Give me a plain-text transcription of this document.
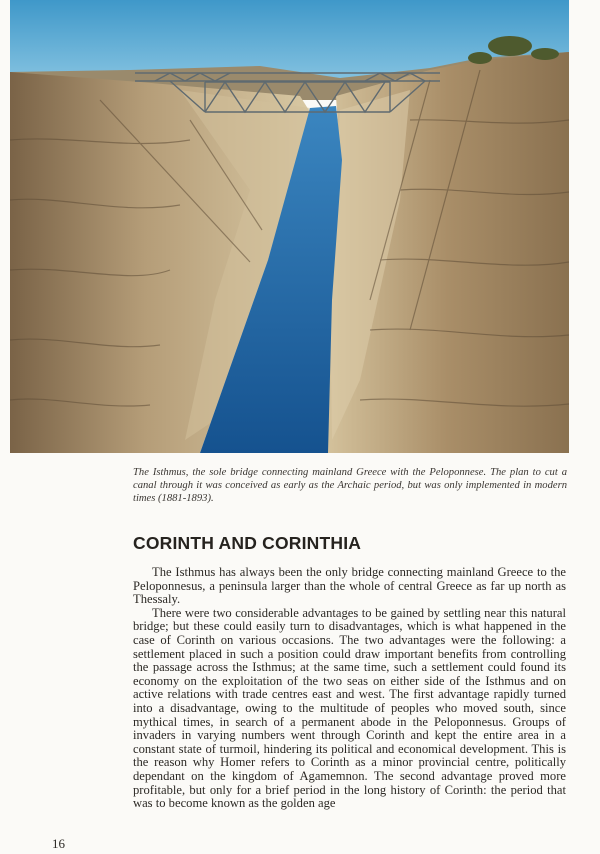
The Isthmus, the sole bridge connecting mainland Greece with the Peloponnese. The plan to cut a canal through it was conceived as early as the Archaic period, but was only implemented in modern times (1881-1893).

CORINTH AND CORINTHIA

The Isthmus has always been the only bridge connecting mainland Greece to the Peloponnesus, a peninsula larger than the whole of central Greece as far up north as Thessaly.

There were two considerable advantages to be gained by settling near this natural bridge; but these could easily turn to disadvantages, which is what happened in the case of Corinth on various occasions. The two advantages were the following: a settlement placed in such a position could draw important benefits from controlling the passage across the Isthmus; at the same time, such a settlement could found its economy on the exploitation of the two seas on either side of the Isthmus and on active relations with trade centres east and west. The first advantage rapidly turned into a disadvantage, owing to the multitude of peoples who moved south, since mythical times, in search of a permanent abode in the Peloponnesus. Groups of invaders in varying numbers went through Corinth and kept the entire area in a constant state of turmoil, hindering its political and economical development. This is the reason why Homer refers to Corinth as a minor provincial centre, politically dependant on the kingdom of Agamemnon. The second advantage proved more profitable, but only for a brief period in the long history of Corinth: the period that was to become known as the golden age

16
